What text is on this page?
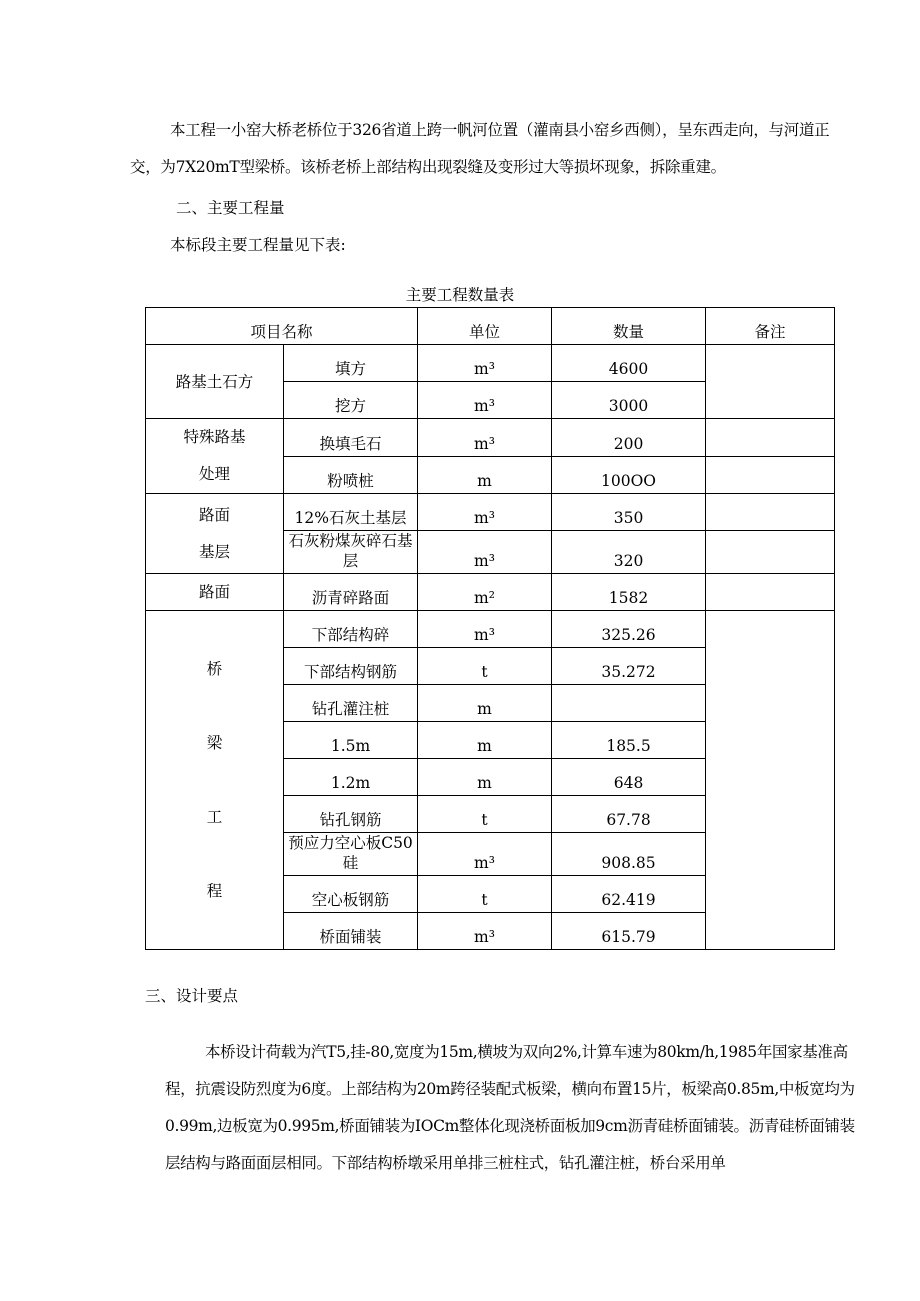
本工程一小窑大桥老桥位于326省道上跨一帆河位置（灌南县小窑乡西侧），呈东西走向，与河道正交，为7X20mT型梁桥。该桥老桥上部结构出现裂缝及变形过大等损坏现象，拆除重建。

二、主要工程量

本标段主要工程量见下表:

主要工程数量表
项目名称		单位	数量	备注
路基土石方	填方	m³	4600	
	挖方	m³	3000	

特殊路基
处理	换填毛石	m³	200	
	粉喷桩	m	100OO	

路面
基层	12%石灰土基层	m³	350	
	石灰粉煤灰碎石基层	m³	320	
路面	沥青碎路面	m²	1582	

桥
梁
工
程	下部结构碎	m³	325.26	
	下部结构钢筋	t	35.272	
	钻孔灌注桩	m		
	1.5m	m	185.5	
	1.2m	m	648	
	钻孔钢筋	t	67.78	
	预应力空心板C50硅	m³	908.85	
	空心板钢筋	t	62.419	
	桥面铺装	m³	615.79	

三、设计要点

本桥设计荷载为汽T5,挂-80,宽度为15m,横坡为双向2%,计算车速为80km/h,1985年国家基准高程，抗震设防烈度为6度。上部结构为20m跨径装配式板梁，横向布置15片，板梁高0.85m,中板宽均为0.99m,边板宽为0.995m,桥面铺装为IOCm整体化现浇桥面板加9cm沥青硅桥面铺装。沥青硅桥面铺装层结构与路面面层相同。下部结构桥墩采用单排三桩柱式，钻孔灌注桩，桥台采用单
